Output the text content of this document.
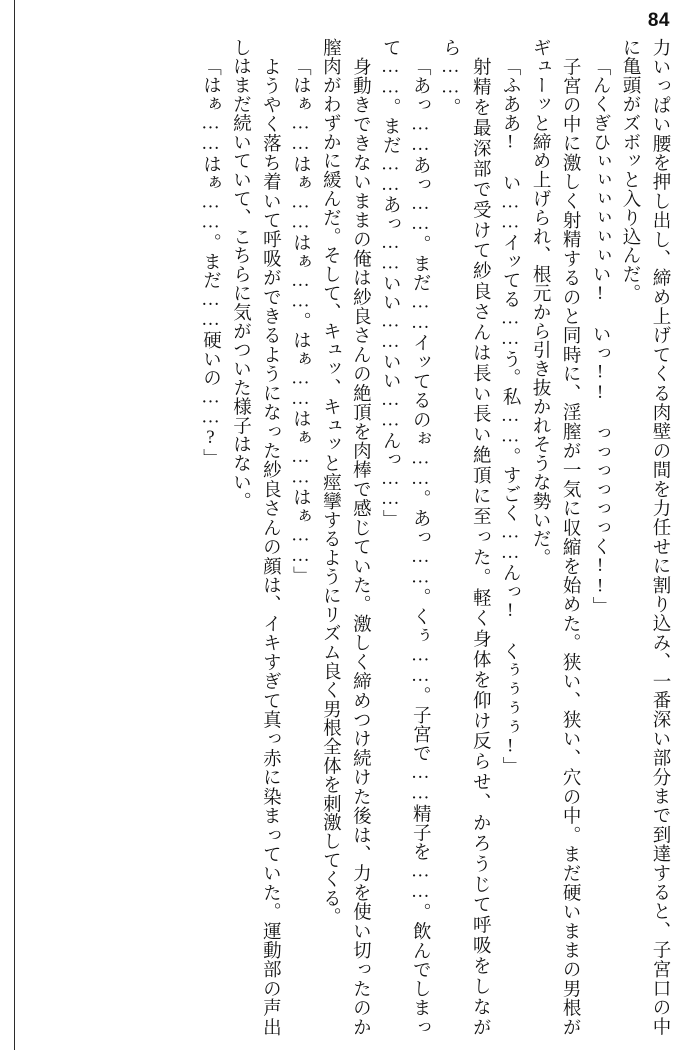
84

力いっぱい腰を押し出し、締め上げてくる肉壁の間を力任せに割り込み、一番深い部分まで到達すると、子宮口の中に亀頭がズボッと入り込んだ。

「んくぎひぃぃぃぃぃぃい! いっ!! っっっっっっく!!」

子宮の中に激しく射精するのと同時に、淫膣が一気に収縮を始めた。狭い、狭い、穴の中。まだ硬いままの男根がギューッと締め上げられ、根元から引き抜かれそうな勢いだ。

「ふああ! い……イッてる……う。私……。すごく……んっ! くぅぅぅぅ!」

射精を最深部で受けて紗良さんは長い長い絶頂に至った。軽く身体を仰け反らせ、かろうじて呼吸をしながら……。

「あっ……あっ……。まだ……イッてるのぉ……。あっ……。くぅ……。子宮で……精子を……。飲んでしまって……。まだ……あっ……いい……いい……んっ……」

身動きできないままの俺は紗良さんの絶頂を肉棒で感じていた。激しく締めつけ続けた後は、力を使い切ったのか膣肉がわずかに緩んだ。そして、キュッ、キュッと痙攣するようにリズム良く男根全体を刺激してくる。

「はぁ……はぁ……はぁ……。はぁ……はぁ……はぁ……」

ようやく落ち着いて呼吸ができるようになった紗良さんの顔は、イキすぎて真っ赤に染まっていた。運動部の声出しはまだ続いていて、こちらに気がついた様子はない。

「はぁ……はぁ……。まだ……硬いの……?」
